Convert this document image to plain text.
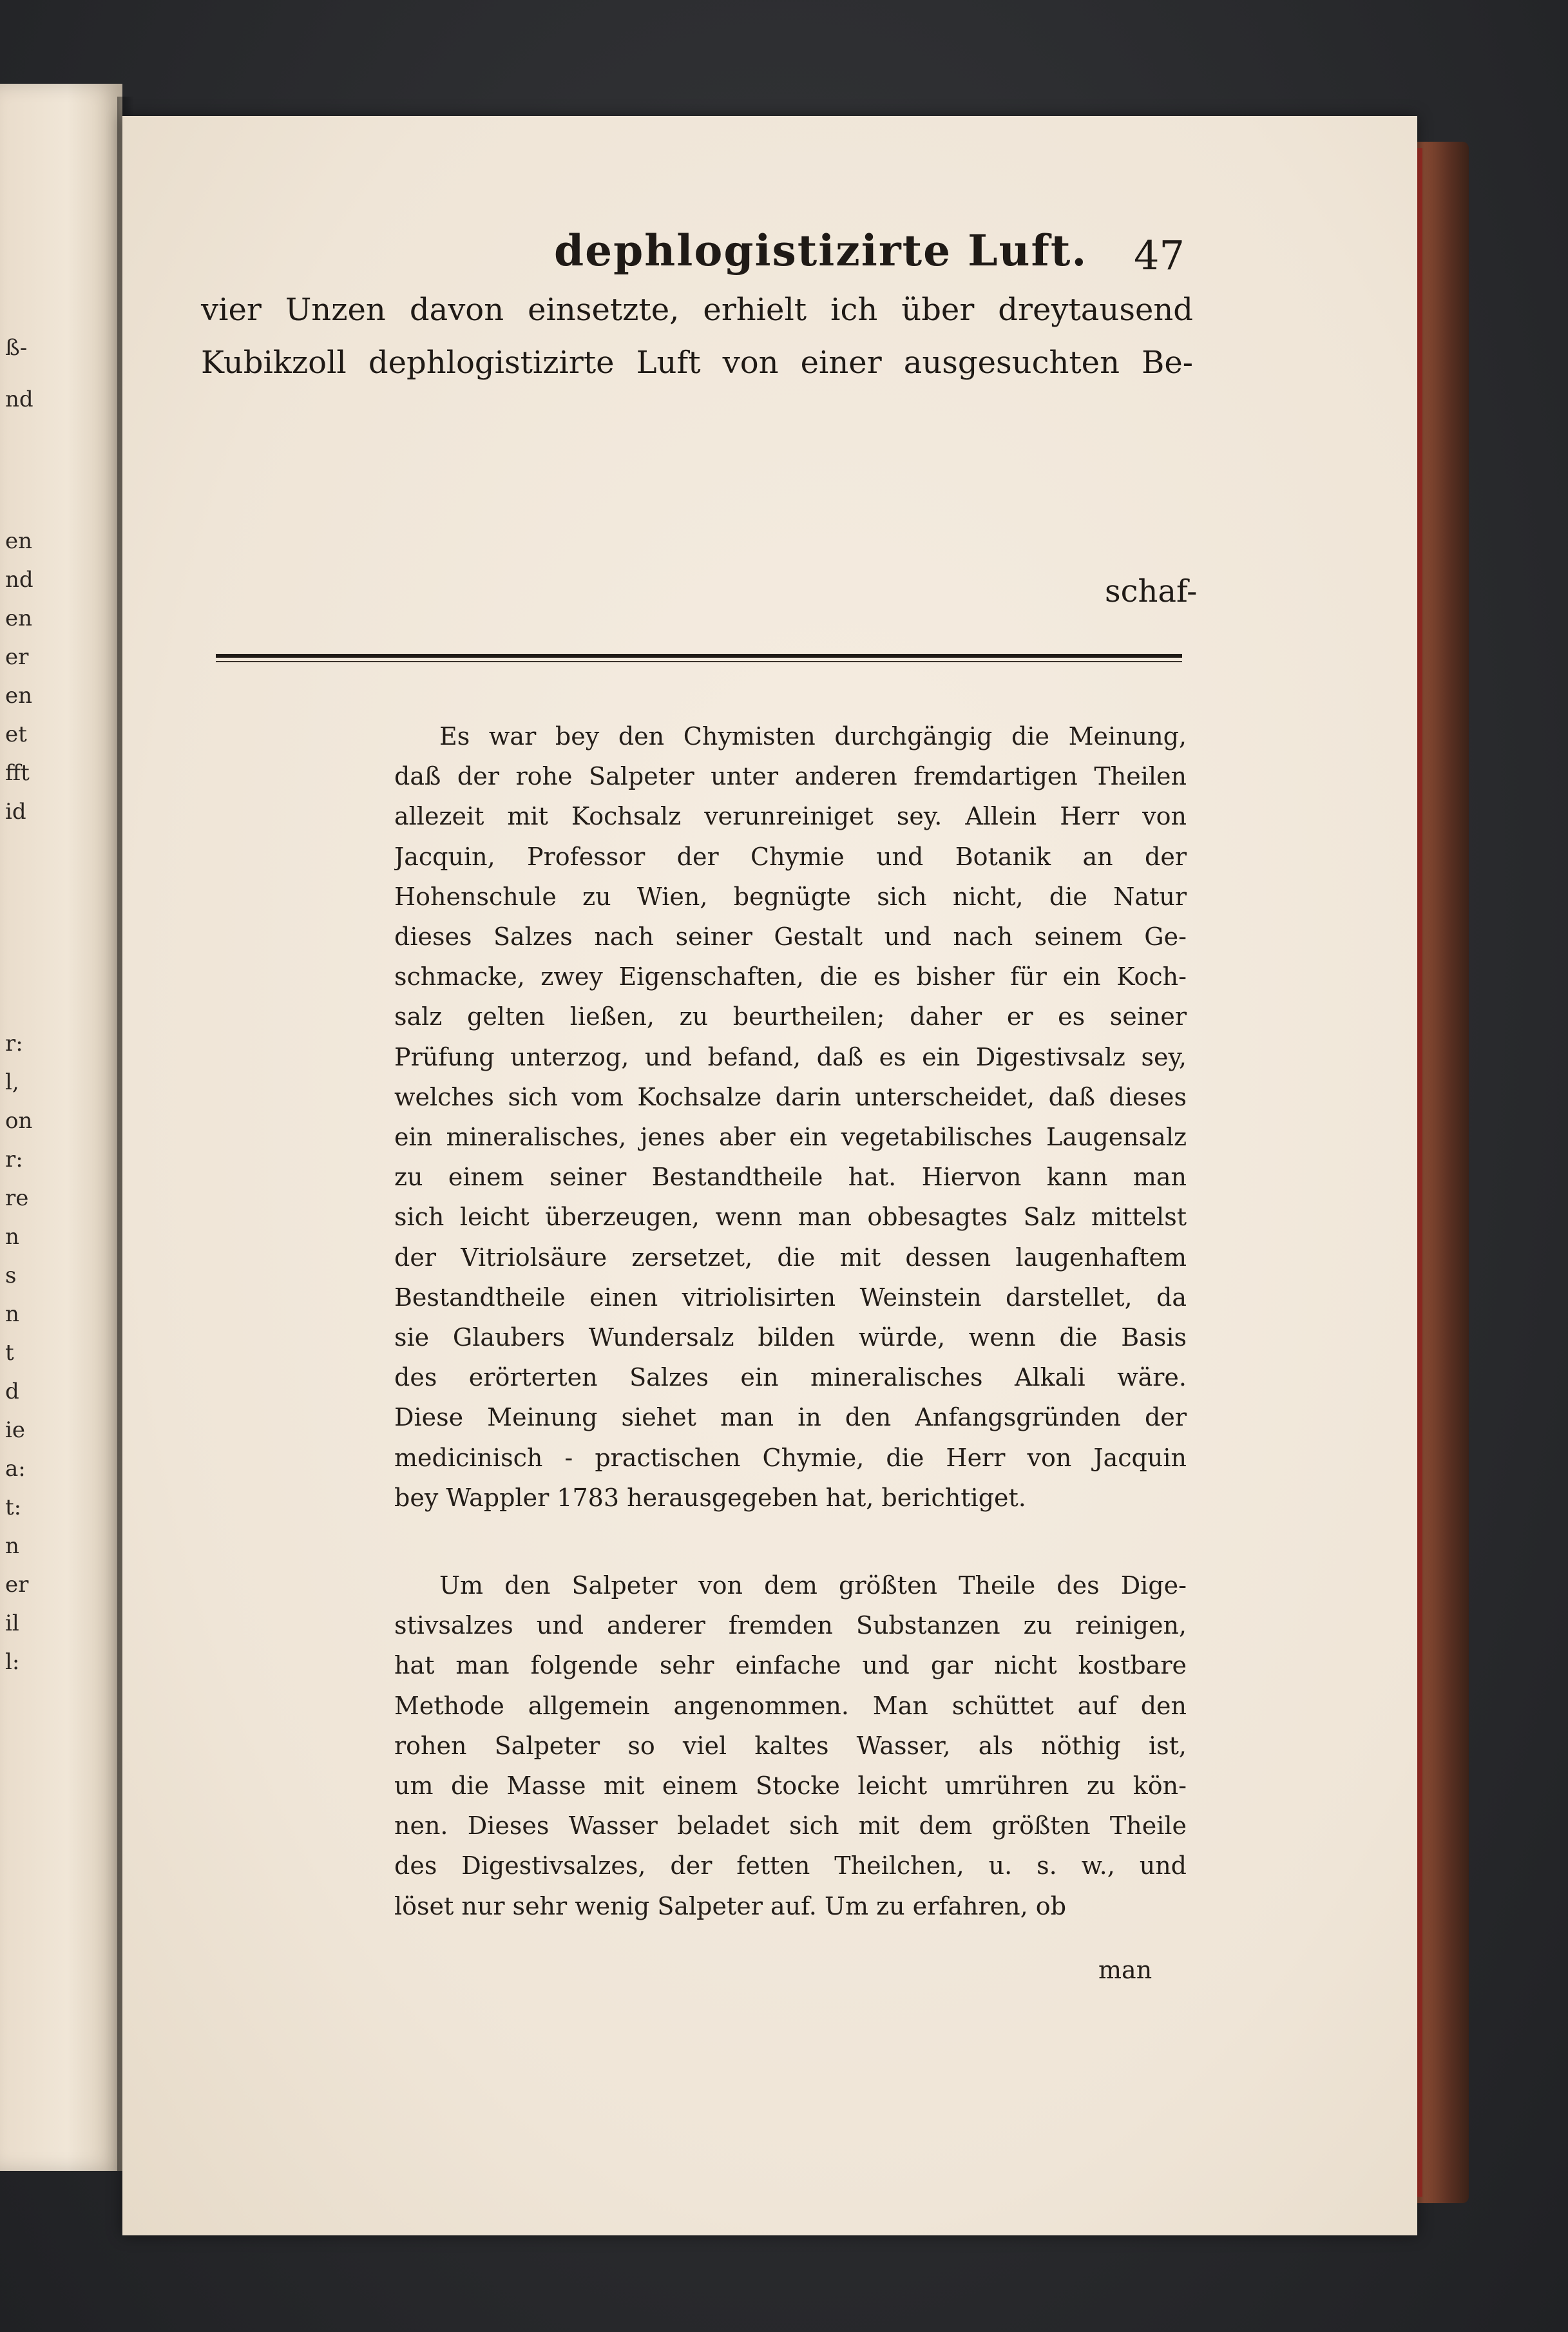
ß-
nd
en
nd
en
er
en
et
fft
id
r:
l,
on
r:
re
n
s
n
t
d
ie
a:
t:
n
er
il
l:
dephlogistizirte Luft. 47
vier Unzen davon einsetzte, erhielt ich über dreytausend
Kubikzoll dephlogistizirte Luft von einer ausgesuchten Be-
schaf-
Es war bey den Chymisten durchgängig die Meinung,
daß der rohe Salpeter unter anderen fremdartigen Theilen
allezeit mit Kochsalz verunreiniget sey. Allein Herr von
Jacquin, Professor der Chymie und Botanik an der
Hohenschule zu Wien, begnügte sich nicht, die Natur
dieses Salzes nach seiner Gestalt und nach seinem Ge-
schmacke, zwey Eigenschaften, die es bisher für ein Koch-
salz gelten ließen, zu beurtheilen; daher er es seiner
Prüfung unterzog, und befand, daß es ein Digestivsalz sey,
welches sich vom Kochsalze darin unterscheidet, daß dieses
ein mineralisches, jenes aber ein vegetabilisches Laugensalz
zu einem seiner Bestandtheile hat. Hiervon kann man
sich leicht überzeugen, wenn man obbesagtes Salz mittelst
der Vitriolsäure zersetzet, die mit dessen laugenhaftem
Bestandtheile einen vitriolisirten Weinstein darstellet, da
sie Glaubers Wundersalz bilden würde, wenn die Basis
des erörterten Salzes ein mineralisches Alkali wäre.
Diese Meinung siehet man in den Anfangsgründen der
medicinisch - practischen Chymie, die Herr von Jacquin
bey Wappler 1783 herausgegeben hat, berichtiget.
Um den Salpeter von dem größten Theile des Dige-
stivsalzes und anderer fremden Substanzen zu reinigen,
hat man folgende sehr einfache und gar nicht kostbare
Methode allgemein angenommen. Man schüttet auf den
rohen Salpeter so viel kaltes Wasser, als nöthig ist,
um die Masse mit einem Stocke leicht umrühren zu kön-
nen. Dieses Wasser beladet sich mit dem größten Theile
des Digestivsalzes, der fetten Theilchen, u. s. w., und
löset nur sehr wenig Salpeter auf. Um zu erfahren, ob
man
